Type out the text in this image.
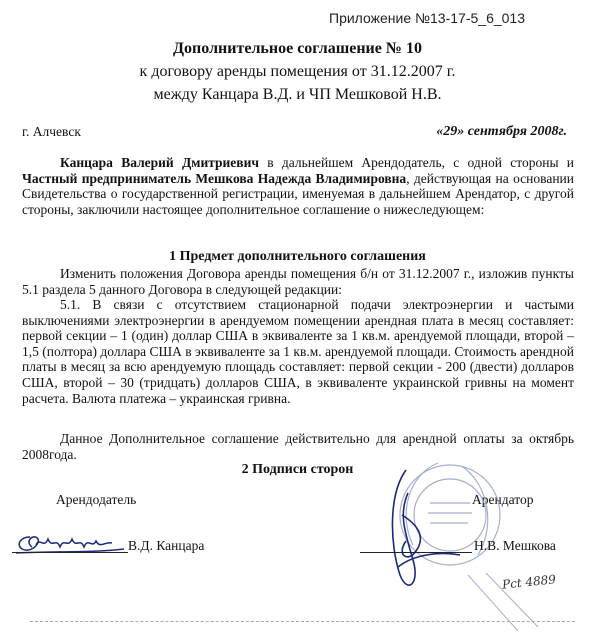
Приложение №13-17-5_6_013
Дополнительное соглашение № 10
к договору аренды помещения от 31.12.2007 г.
между Канцара В.Д. и ЧП Мешковой Н.В.
г. Алчевск	«29» сентября 2008г.

Канцара Валерий Дмитриевич в дальнейшем Арендодатель, с одной стороны и Частный предприниматель Мешкова Надежда Владимировна, действующая на основании Свидетельства о государственной регистрации, именуемая в дальнейшем Арендатор, с другой стороны, заключили настоящее дополнительное соглашение о нижеследующем:

1 Предмет дополнительного соглашения

Изменить положения Договора аренды помещения б/н от 31.12.2007 г., изложив пункты 5.1 раздела 5 данного Договора в следующей редакции:

5.1. В связи с отсутствием стационарной подачи электроэнергии и частыми выключениями электроэнергии в арендуемом помещении арендная плата в месяц составляет: первой секции – 1 (один) доллар США в эквиваленте за 1 кв.м. арендуемой площади, второй – 1,5 (полтора) доллара США в эквиваленте за 1 кв.м. арендуемой площади. Стоимость арендной платы в месяц за всю арендуемую площадь составляет: первой секции - 200 (двести) долларов США, второй – 30 (тридцать) долларов США, в эквиваленте украинской гривны на момент расчета. Валюта платежа – украинская гривна.

Данное Дополнительное соглашение действительно для арендной оплаты за октябрь 2008года.

2 Подписи сторон
Арендодатель	Арендатор
В.Д. Канцара	Н.В. Мешкова
Pct 4889
